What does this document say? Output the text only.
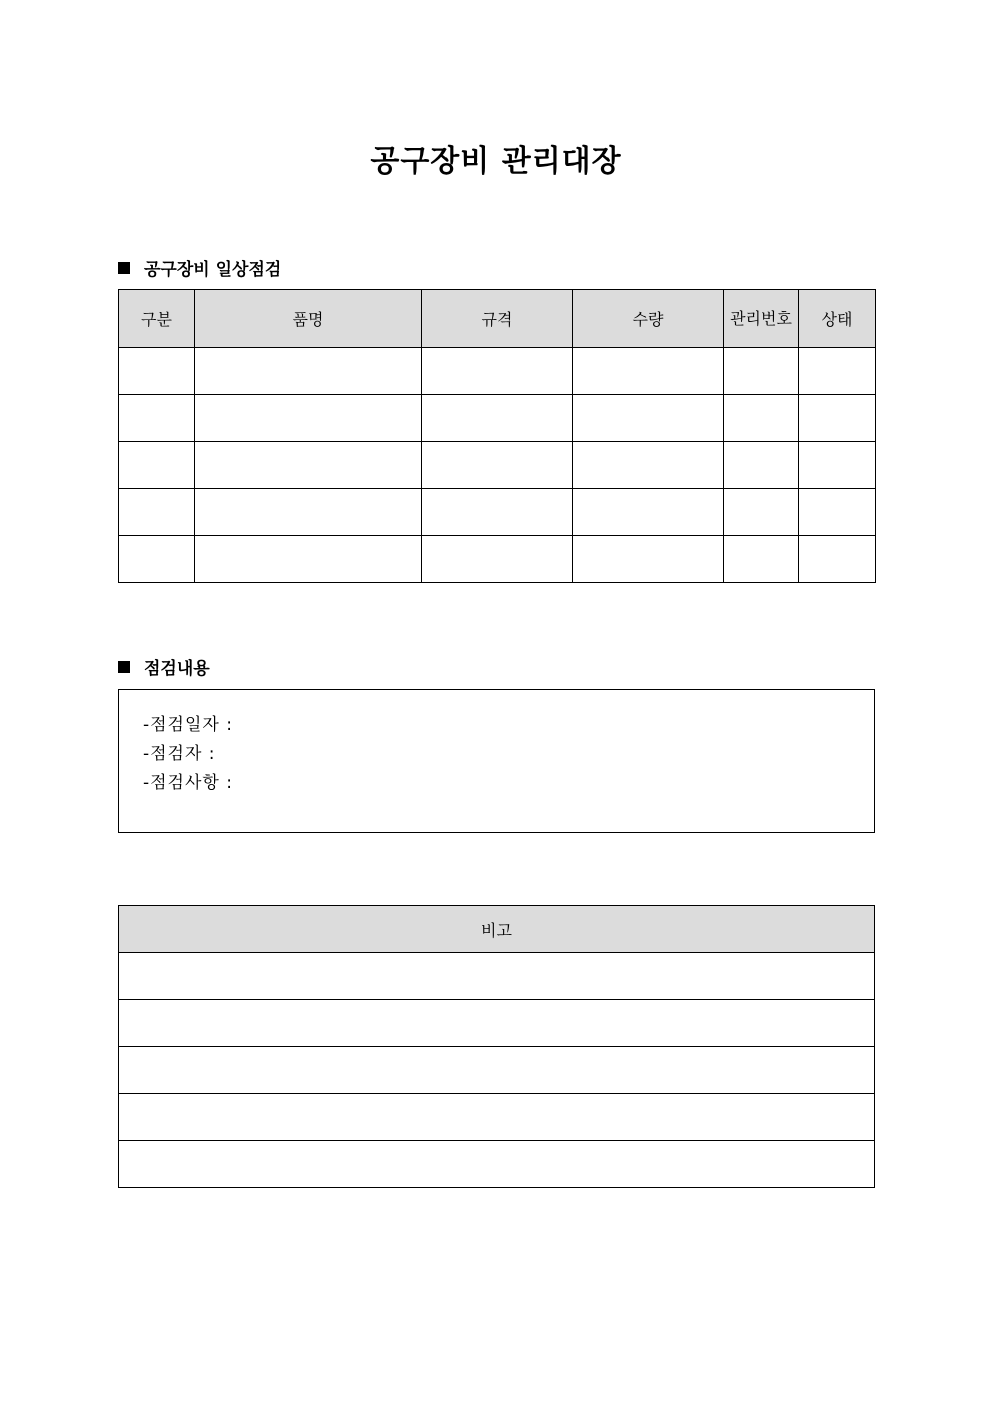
공구장비 관리대장
공구장비 일상점검
구분	품명	규격	수량	관리번호	상태

점검내용
-점검일자 :
-점검자 :
-점검사항 :
비고
